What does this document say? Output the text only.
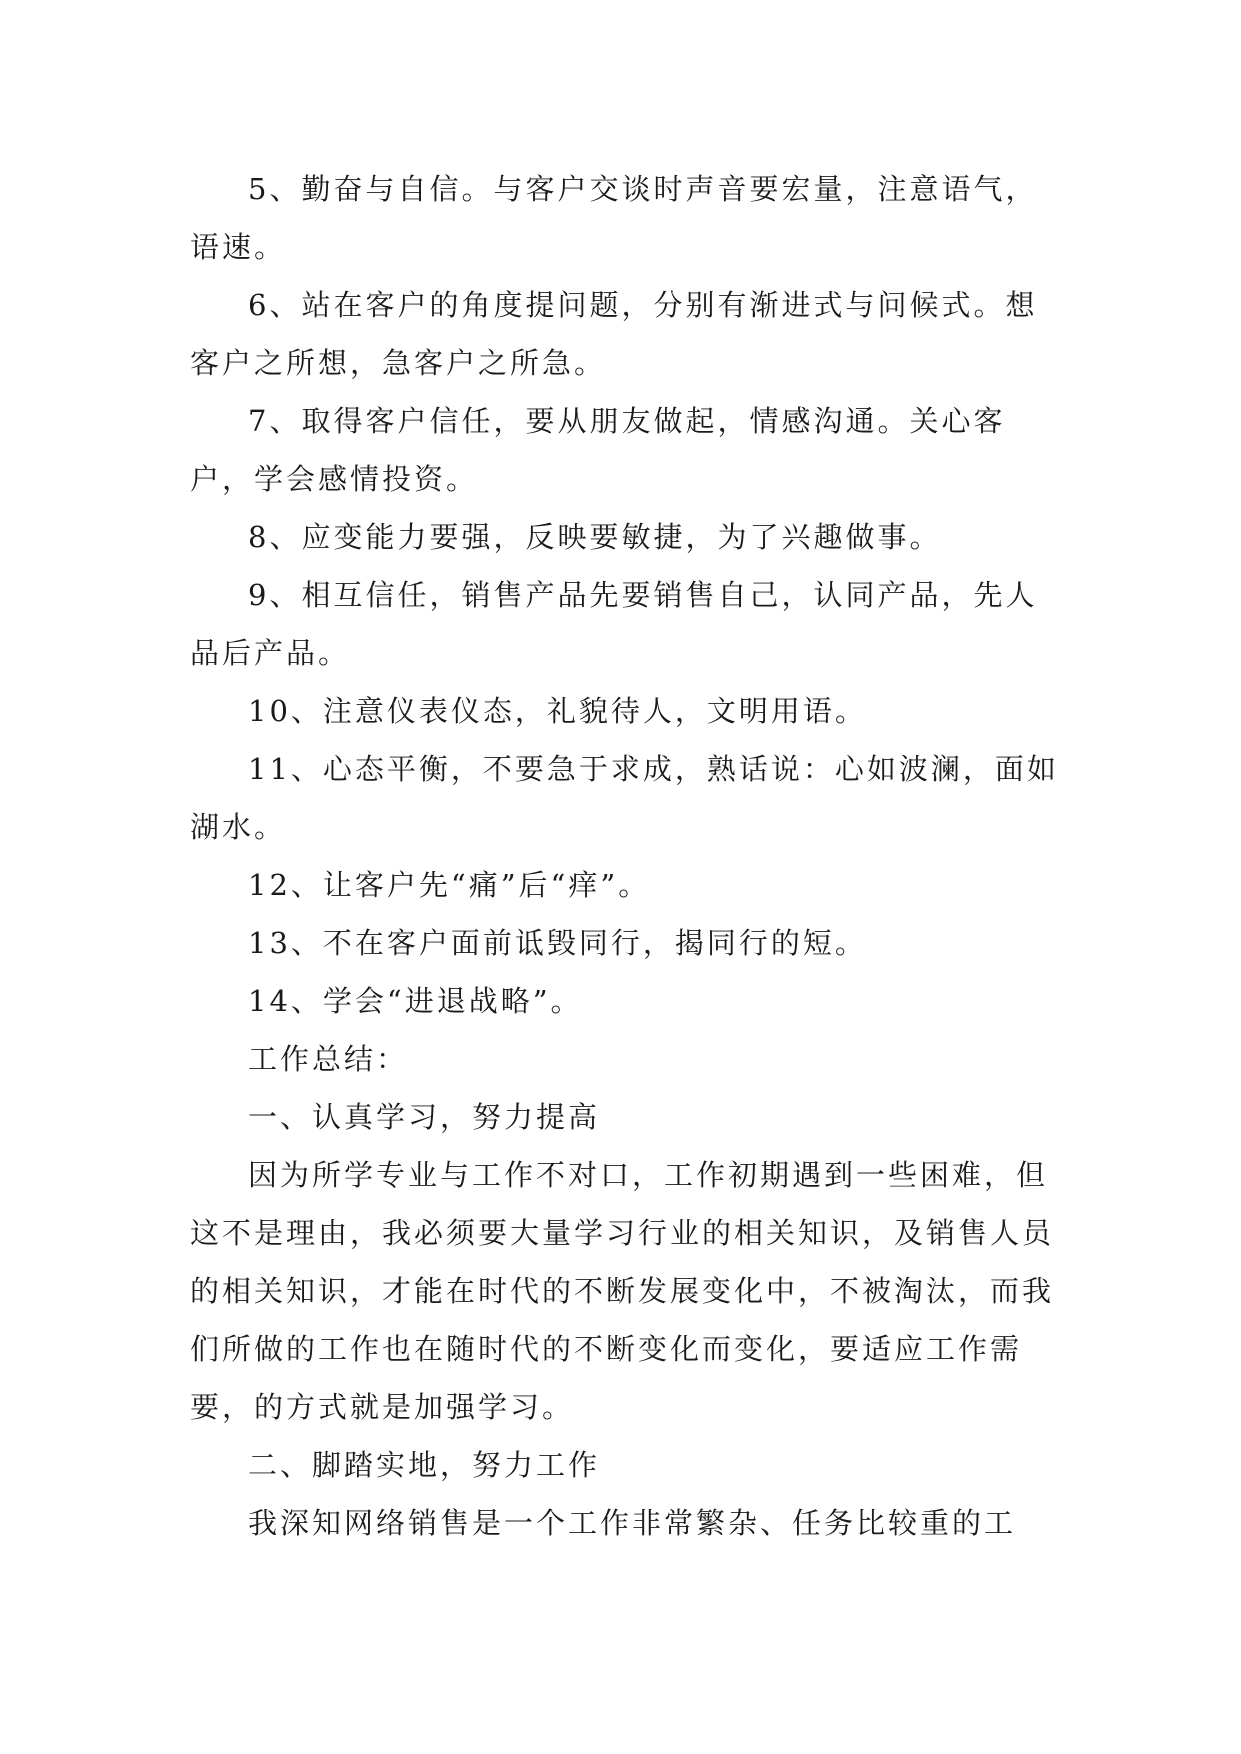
5、勤奋与自信。与客户交谈时声音要宏量，注意语气，语速。

6、站在客户的角度提问题，分别有渐进式与问候式。想客户之所想，急客户之所急。

7、取得客户信任，要从朋友做起，情感沟通。关心客户，学会感情投资。

8、应变能力要强，反映要敏捷，为了兴趣做事。

9、相互信任，销售产品先要销售自己，认同产品，先人品后产品。

10、注意仪表仪态，礼貌待人，文明用语。

11、心态平衡，不要急于求成，熟话说：心如波澜，面如湖水。

12、让客户先“痛”后“痒”。

13、不在客户面前诋毁同行，揭同行的短。

14、学会“进退战略”。

工作总结：

一、认真学习，努力提高

因为所学专业与工作不对口，工作初期遇到一些困难，但这不是理由，我必须要大量学习行业的相关知识，及销售人员的相关知识，才能在时代的不断发展变化中，不被淘汰，而我们所做的工作也在随时代的不断变化而变化，要适应工作需要，的方式就是加强学习。

二、脚踏实地，努力工作

我深知网络销售是一个工作非常繁杂、任务比较重的工
